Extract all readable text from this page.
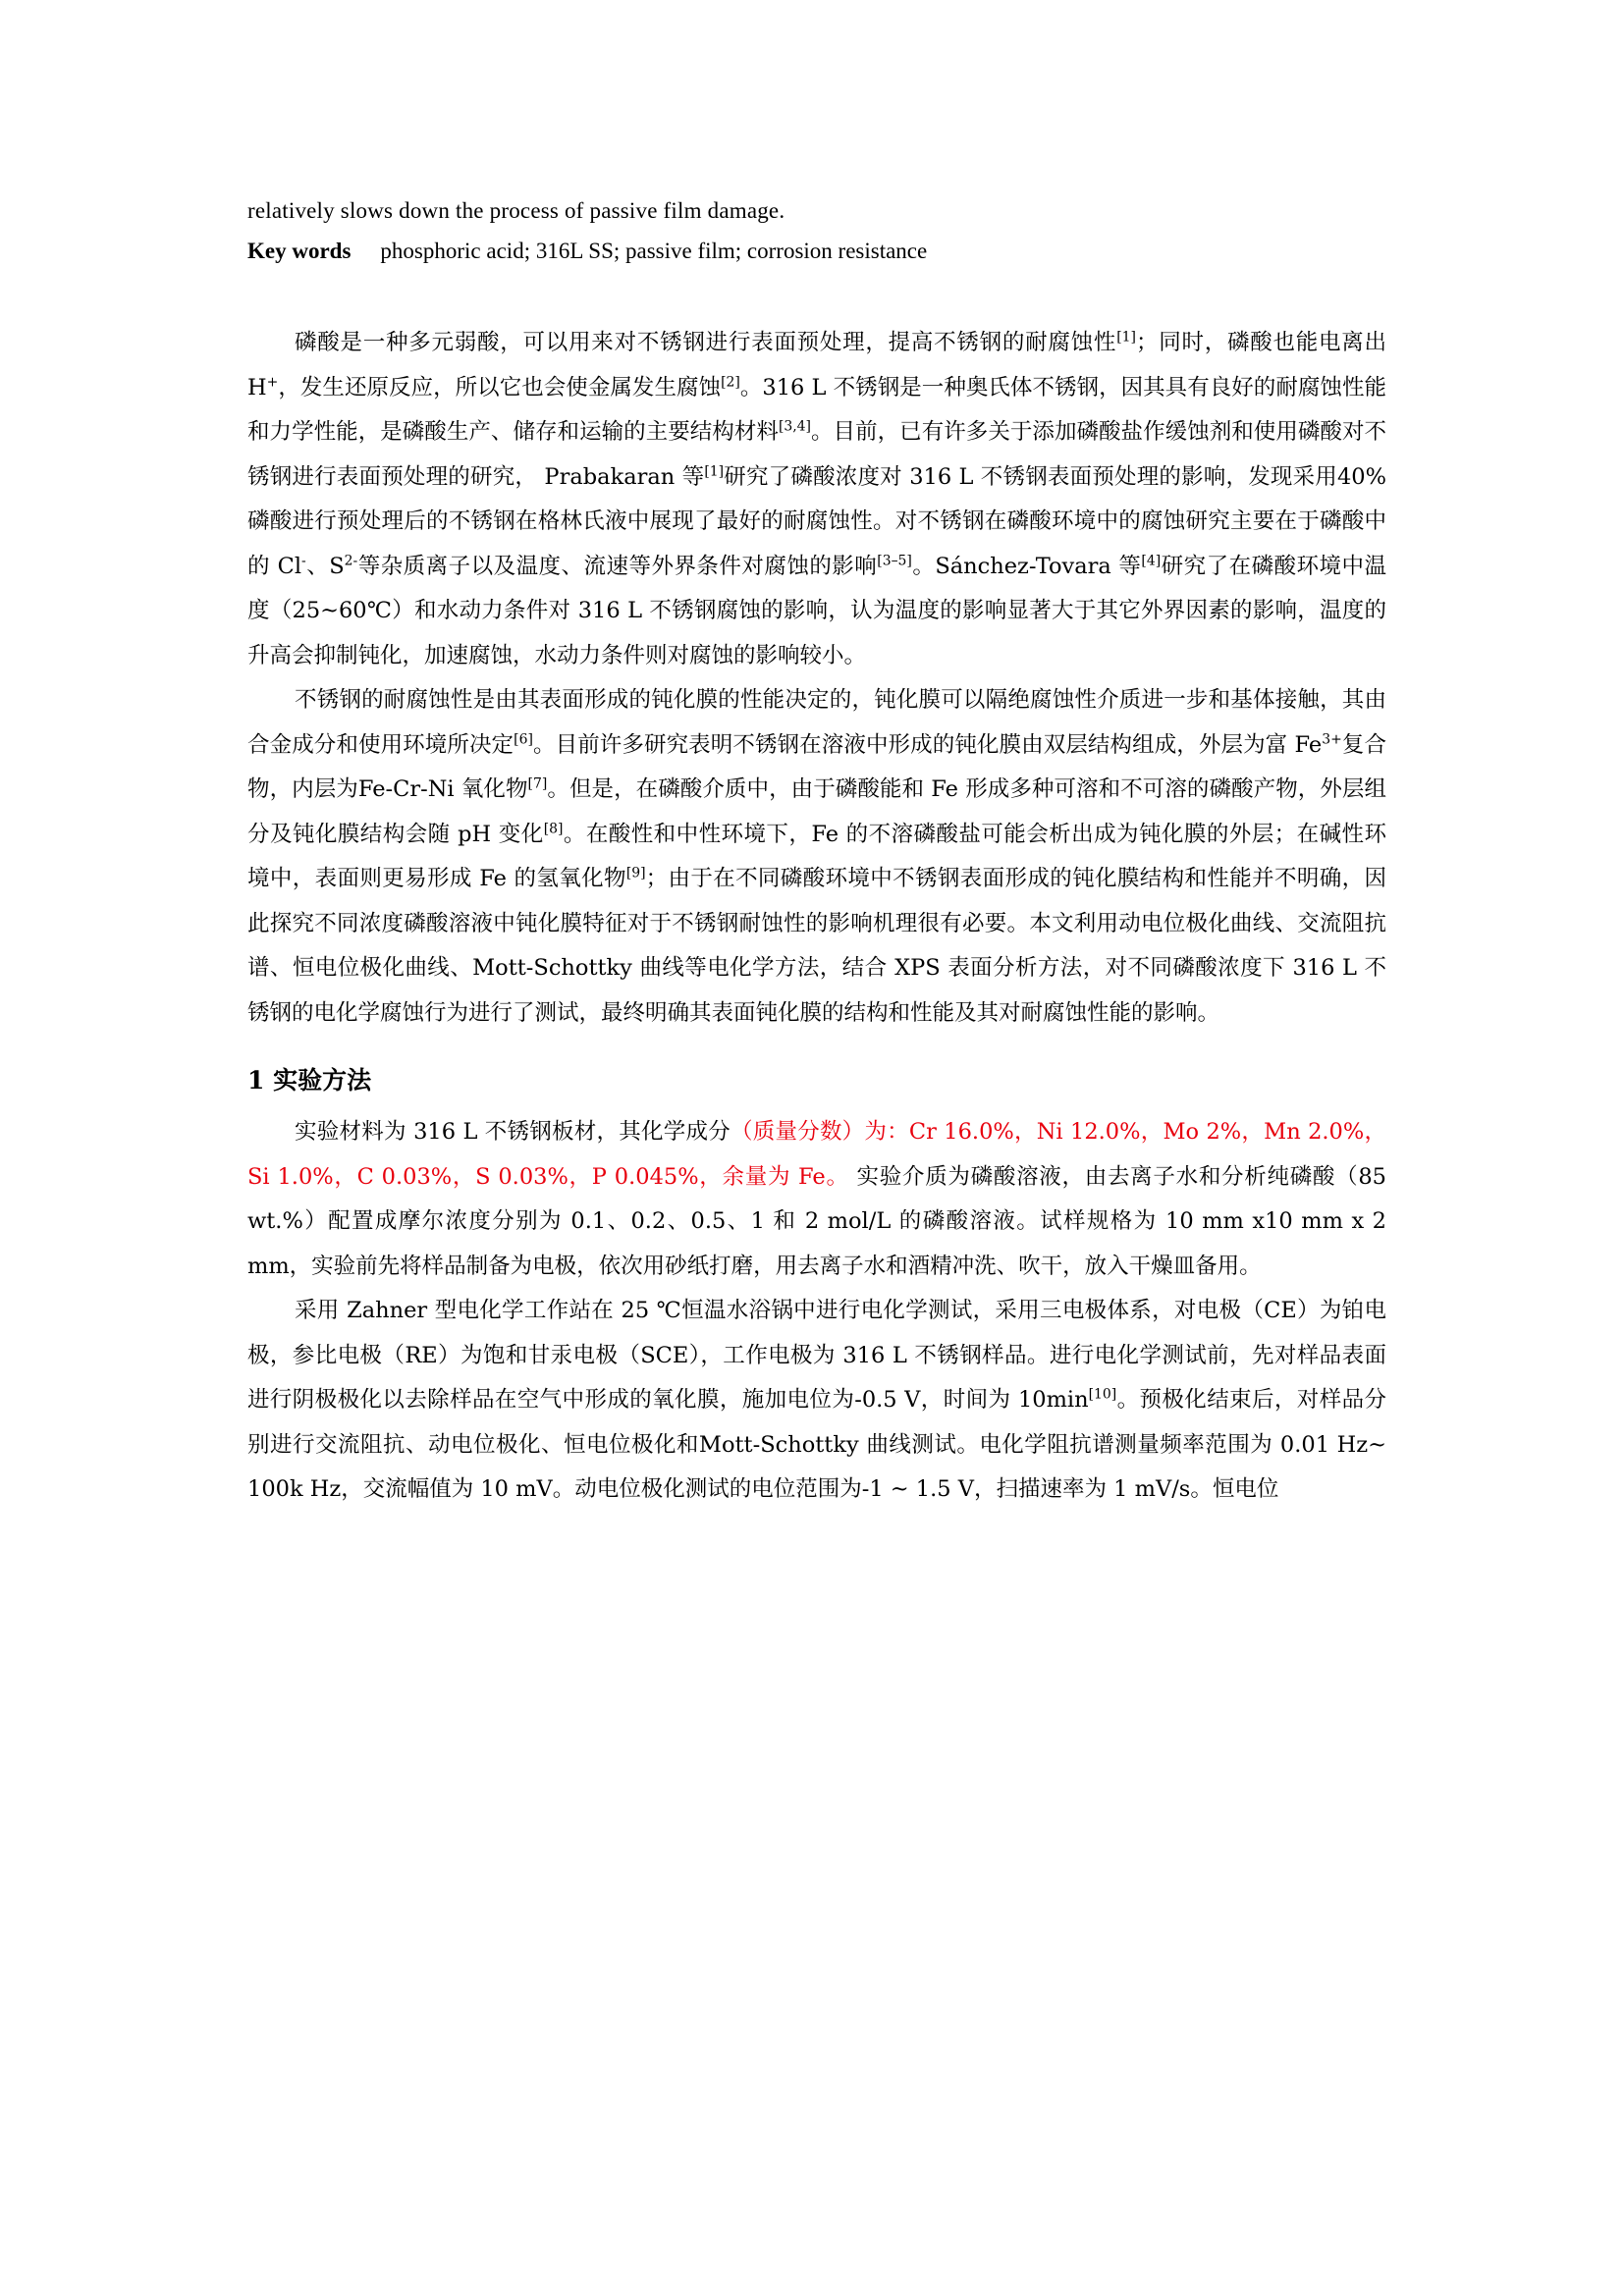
relatively slows down the process of passive film damage.
Key words phosphoric acid; 316L SS; passive film; corrosion resistance

磷酸是一种多元弱酸，可以用来对不锈钢进行表面预处理，提高不锈钢的耐腐蚀性[1]；同时，磷酸也能电离出 H+，发生还原反应，所以它也会使金属发生腐蚀[2]。316 L 不锈钢是一种奥氏体不锈钢，因其具有良好的耐腐蚀性能和力学性能，是磷酸生产、储存和运输的主要结构材料[3,4]。目前，已有许多关于添加磷酸盐作缓蚀剂和使用磷酸对不锈钢进行表面预处理的研究， Prabakaran 等[1]研究了磷酸浓度对 316 L 不锈钢表面预处理的影响，发现采用40%磷酸进行预处理后的不锈钢在格林氏液中展现了最好的耐腐蚀性。对不锈钢在磷酸环境中的腐蚀研究主要在于磷酸中的 Cl-、$S^{2-}$等杂质离子以及温度、流速等外界条件对腐蚀的影响[3–5]。Sánchez-Tovara 等[4]研究了在磷酸环境中温度（25~60℃）和水动力条件对 316 L 不锈钢腐蚀的影响，认为温度的影响显著大于其它外界因素的影响，温度的升高会抑制钝化，加速腐蚀，水动力条件则对腐蚀的影响较小。

不锈钢的耐腐蚀性是由其表面形成的钝化膜的性能决定的，钝化膜可以隔绝腐蚀性介质进一步和基体接触，其由合金成分和使用环境所决定[6]。目前许多研究表明不锈钢在溶液中形成的钝化膜由双层结构组成，外层为富 $Fe^{3+}$复合物，内层为Fe-Cr-Ni 氧化物[7]。但是，在磷酸介质中，由于磷酸能和 Fe 形成多种可溶和不可溶的磷酸产物，外层组分及钝化膜结构会随 pH 变化[8]。在酸性和中性环境下，Fe 的不溶磷酸盐可能会析出成为钝化膜的外层；在碱性环境中，表面则更易形成 Fe 的氢氧化物[9]；由于在不同磷酸环境中不锈钢表面形成的钝化膜结构和性能并不明确，因此探究不同浓度磷酸溶液中钝化膜特征对于不锈钢耐蚀性的影响机理很有必要。本文利用动电位极化曲线、交流阻抗谱、恒电位极化曲线、Mott-Schottky 曲线等电化学方法，结合 XPS 表面分析方法，对不同磷酸浓度下 316 L 不锈钢的电化学腐蚀行为进行了测试，最终明确其表面钝化膜的结构和性能及其对耐腐蚀性能的影响。

1 实验方法

实验材料为 316 L 不锈钢板材，其化学成分（质量分数）为：Cr 16.0%，Ni 12.0%，Mo 2%，Mn 2.0%，Si 1.0%，C 0.03%，S 0.03%，P 0.045%，余量为 Fe。 实验介质为磷酸溶液，由去离子水和分析纯磷酸（85 wt.%）配置成摩尔浓度分别为 0.1、0.2、0.5、1 和 2 mol/L 的磷酸溶液。试样规格为 10 mm x10 mm x 2 mm，实验前先将样品制备为电极，依次用砂纸打磨，用去离子水和酒精冲洗、吹干，放入干燥皿备用。

采用 Zahner 型电化学工作站在 25 ℃恒温水浴锅中进行电化学测试，采用三电极体系，对电极（CE）为铂电极，参比电极（RE）为饱和甘汞电极（SCE），工作电极为 316 L 不锈钢样品。进行电化学测试前，先对样品表面进行阴极极化以去除样品在空气中形成的氧化膜，施加电位为-0.5 V，时间为 10min[10]。预极化结束后，对样品分别进行交流阻抗、动电位极化、恒电位极化和Mott-Schottky 曲线测试。电化学阻抗谱测量频率范围为 0.01 Hz~ 100k Hz，交流幅值为 10 mV。动电位极化测试的电位范围为-1 ~ 1.5 V，扫描速率为 1 mV/s。恒电位
